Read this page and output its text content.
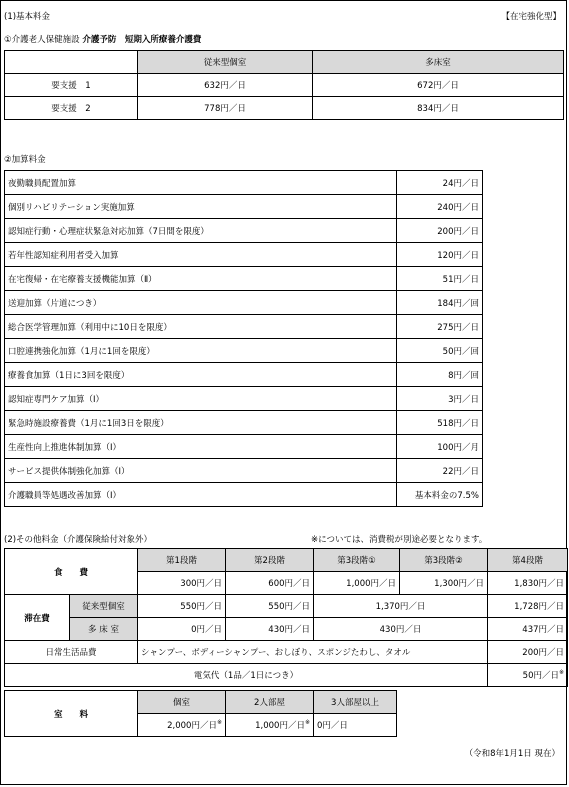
(1)基本料金	【在宅強化型】
①介護老人保健施設 介護予防　短期入所療養介護費
	従来型個室	多床室
要支援　1	632円／日	672円／日
要支援　2	778円／日	834円／日
②加算料金
夜勤職員配置加算	24円／日
個別リハビリテーション実施加算	240円／日
認知症行動・心理症状緊急対応加算（7日間を限度）	200円／日
若年性認知症利用者受入加算	120円／日
在宅復帰・在宅療養支援機能加算（Ⅱ）	51円／日
送迎加算（片道につき）	184円／回
総合医学管理加算（利用中に10日を限度）	275円／日
口腔連携強化加算（1月に1回を限度）	50円／回
療養食加算（1日に3回を限度）	8円／回
認知症専門ケア加算（Ⅰ）	3円／日
緊急時施設療養費（1月に1回3日を限度）	518円／日
生産性向上推進体制加算（Ⅰ）	100円／月
サービス提供体制強化加算（Ⅰ）	22円／日
介護職員等処遇改善加算（Ⅰ）	基本料金の7.5%
(2)その他料金（介護保険給付対象外）	※については、消費税が別途必要となります。
食　　費		第1段階	第2段階	第3段階①	第3段階②	第4段階
		300円／日	600円／日	1,000円／日	1,300円／日	1,830円／日
滞在費	従来型個室	550円／日	550円／日	1,370円／日		1,728円／日
	多 床 室	0円／日	430円／日	430円／日		437円／日
日常生活品費		シャンプー、ボディーシャンプー、おしぼり、スポンジたわし、タオル				200円／日
電気代（1品／1日につき）						50円／日※
室　　料	個室	2人部屋	3人部屋以上
	2,000円／日※	1,000円／日※	0円／日
（令和8年1月1日 現在）
